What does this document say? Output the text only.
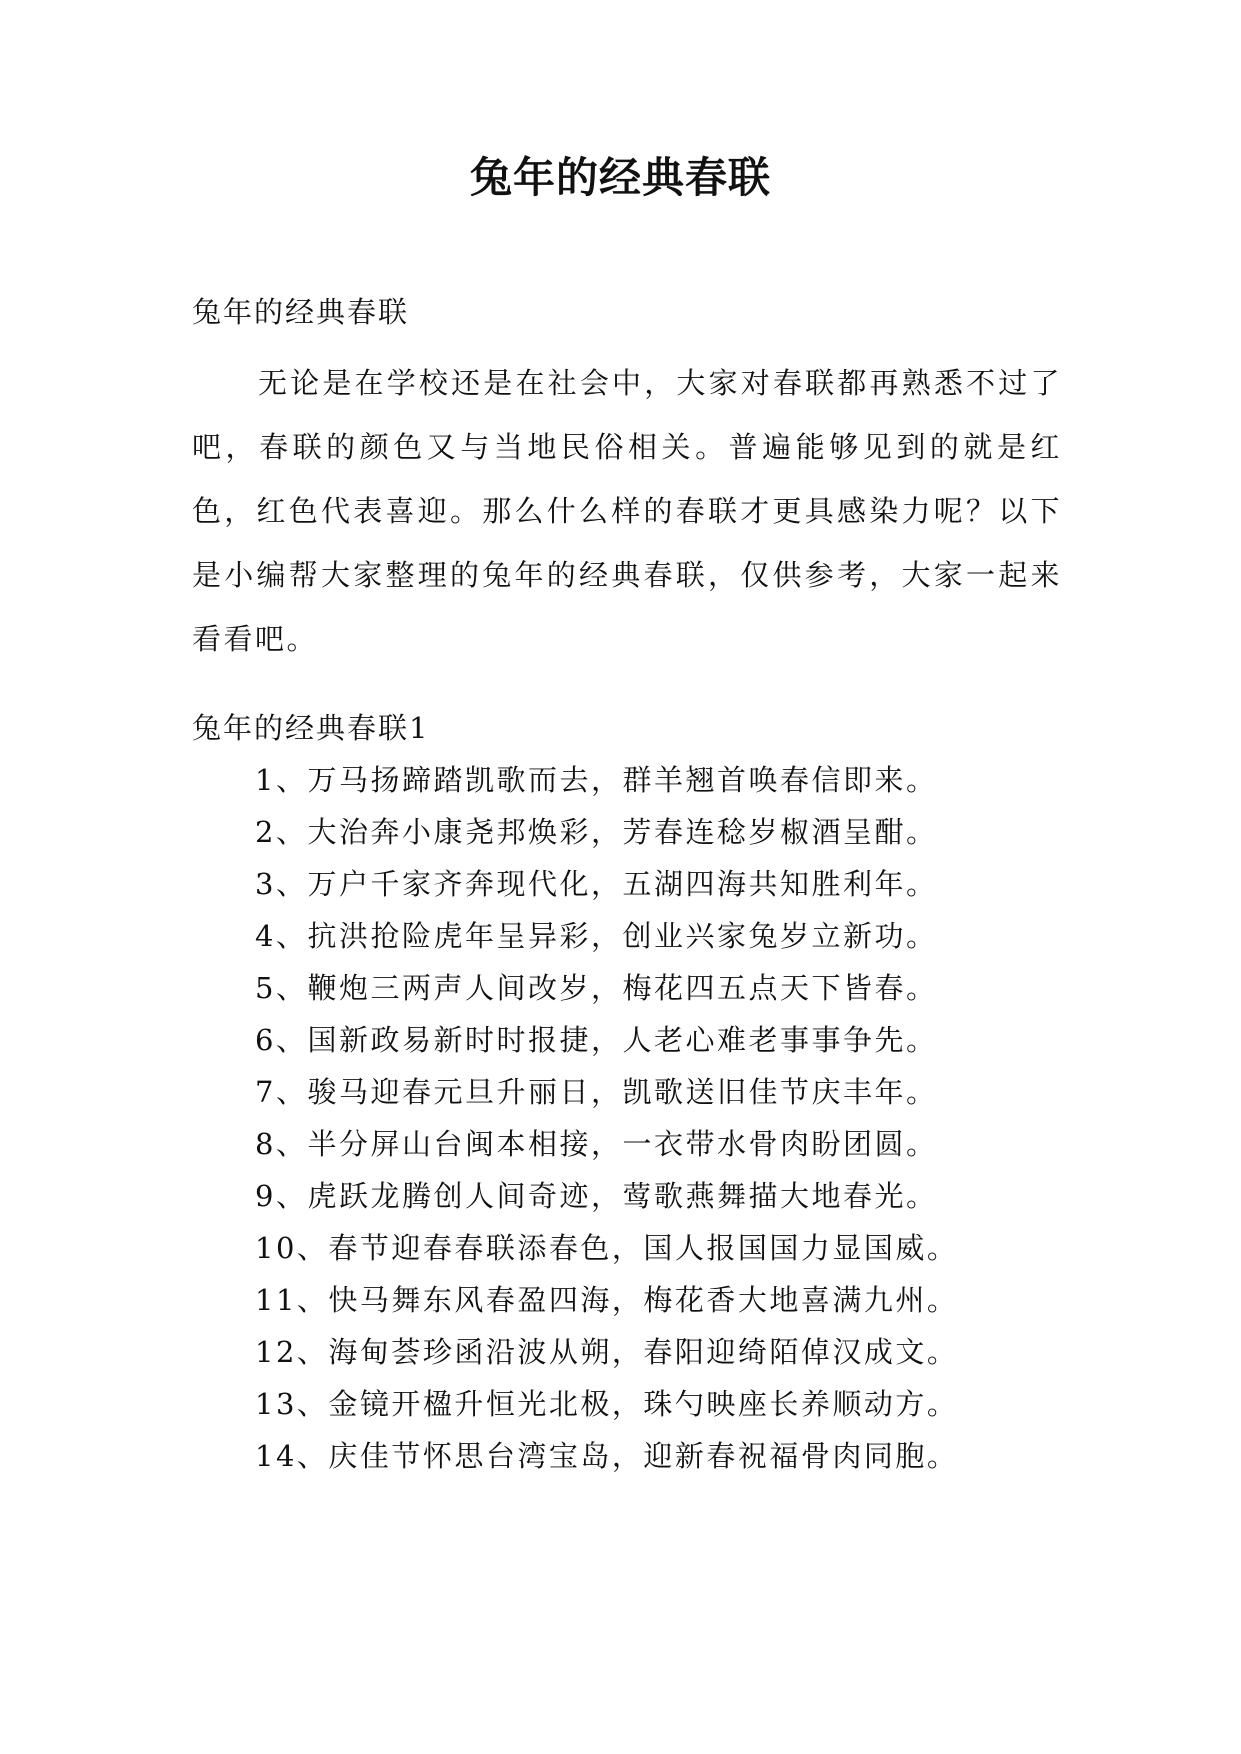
兔年的经典春联
兔年的经典春联

无论是在学校还是在社会中，大家对春联都再熟悉不过了吧，春联的颜色又与当地民俗相关。普遍能够见到的就是红色，红色代表喜迎。那么什么样的春联才更具感染力呢？以下是小编帮大家整理的兔年的经典春联，仅供参考，大家一起来看看吧。

兔年的经典春联1
1、万马扬蹄踏凯歌而去，群羊翘首唤春信即来。
2、大治奔小康尧邦焕彩，芳春连稔岁椒酒呈酣。
3、万户千家齐奔现代化，五湖四海共知胜利年。
4、抗洪抢险虎年呈异彩，创业兴家兔岁立新功。
5、鞭炮三两声人间改岁，梅花四五点天下皆春。
6、国新政易新时时报捷，人老心难老事事争先。
7、骏马迎春元旦升丽日，凯歌送旧佳节庆丰年。
8、半分屏山台闽本相接，一衣带水骨肉盼团圆。
9、虎跃龙腾创人间奇迹，莺歌燕舞描大地春光。
10、春节迎春春联添春色，国人报国国力显国威。
11、快马舞东风春盈四海，梅花香大地喜满九州。
12、海甸荟珍函沿波从朔，春阳迎绮陌倬汉成文。
13、金镜开楹升恒光北极，珠勺映座长养顺动方。
14、庆佳节怀思台湾宝岛，迎新春祝福骨肉同胞。
